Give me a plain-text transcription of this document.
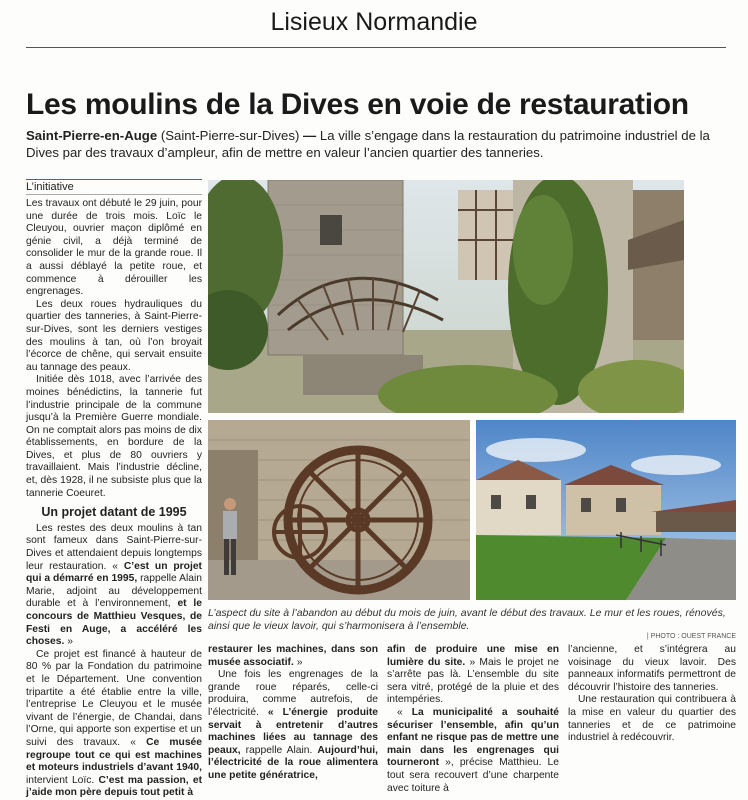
Lisieux Normandie
Les moulins de la Dives en voie de restauration
Saint-Pierre-en-Auge (Saint-Pierre-sur-Dives) — La ville s’engage dans la restauration du patrimoine industriel de la Dives par des travaux d’ampleur, afin de mettre en valeur l’ancien quartier des tanneries.
L’initiative

Les travaux ont débuté le 29 juin, pour une durée de trois mois. Loïc le Cleuyou, ouvrier maçon diplômé en génie civil, a déjà terminé de consolider le mur de la grande roue. Il a aussi déblayé la petite roue, et commence à dérouiller les engrenages.

Les deux roues hydrauliques du quartier des tanneries, à Saint-Pierre-sur-Dives, sont les derniers vestiges des moulins à tan, où l’on broyait l’écorce de chêne, qui servait ensuite au tannage des peaux.

Initiée dès 1018, avec l’arrivée des moines bénédictins, la tannerie fut l’industrie principale de la commune jusqu’à la Première Guerre mondiale. On ne comptait alors pas moins de dix établissements, en bordure de la Dives, et plus de 80 ouvriers y travaillaient. Mais l’industrie décline, et, dès 1928, il ne subsiste plus que la tannerie Coeuret.

Un projet datant de 1995

Les restes des deux moulins à tan sont fameux dans Saint-Pierre-sur-Dives et attendaient depuis longtemps leur restauration. « C’est un projet qui a démarré en 1995, rappelle Alain Marie, adjoint au développement durable et à l’environnement, et le concours de Matthieu Vesques, de Festi en Auge, a accéléré les choses. »

Ce projet est financé à hauteur de 80 % par la Fondation du patrimoine et le Département. Une convention tripartite a été établie entre la ville, l’entreprise Le Cleuyou et le musée vivant de l’énergie, de Chandai, dans l’Orne, qui apporte son expertise et un suivi des travaux. « Ce musée regroupe tout ce qui est machines et moteurs industriels d’avant 1940, intervient Loïc. C’est ma passion, et j’aide mon père depuis tout petit à

L’aspect du site à l’abandon au début du mois de juin, avant le début des travaux. Le mur et les roues, rénovés, ainsi que le vieux lavoir, qui s’harmonisera à l’ensemble.
| PHOTO : OUEST FRANCE

restaurer les machines, dans son musée associatif. »

Une fois les engrenages de la grande roue réparés, celle-ci produira, comme autrefois, de l’électricité. « L’énergie produite servait à entretenir d’autres machines liées au tannage des peaux, rappelle Alain. Aujourd’hui, l’électricité de la roue alimentera une petite génératrice,

afin de produire une mise en lumière du site. » Mais le projet ne s’arrête pas là. L’ensemble du site sera vitré, protégé de la pluie et des intempéries.

« La municipalité a souhaité sécuriser l’ensemble, afin qu’un enfant ne risque pas de mettre une main dans les engrenages qui tourneront », précise Matthieu. Le tout sera recouvert d’une charpente avec toiture à

l’ancienne, et s’intégrera au voisinage du vieux lavoir. Des panneaux informatifs permettront de découvrir l’histoire des tanneries.

Une restauration qui contribuera à la mise en valeur du quartier des tanneries et de ce patrimoine industriel à redécouvrir.
